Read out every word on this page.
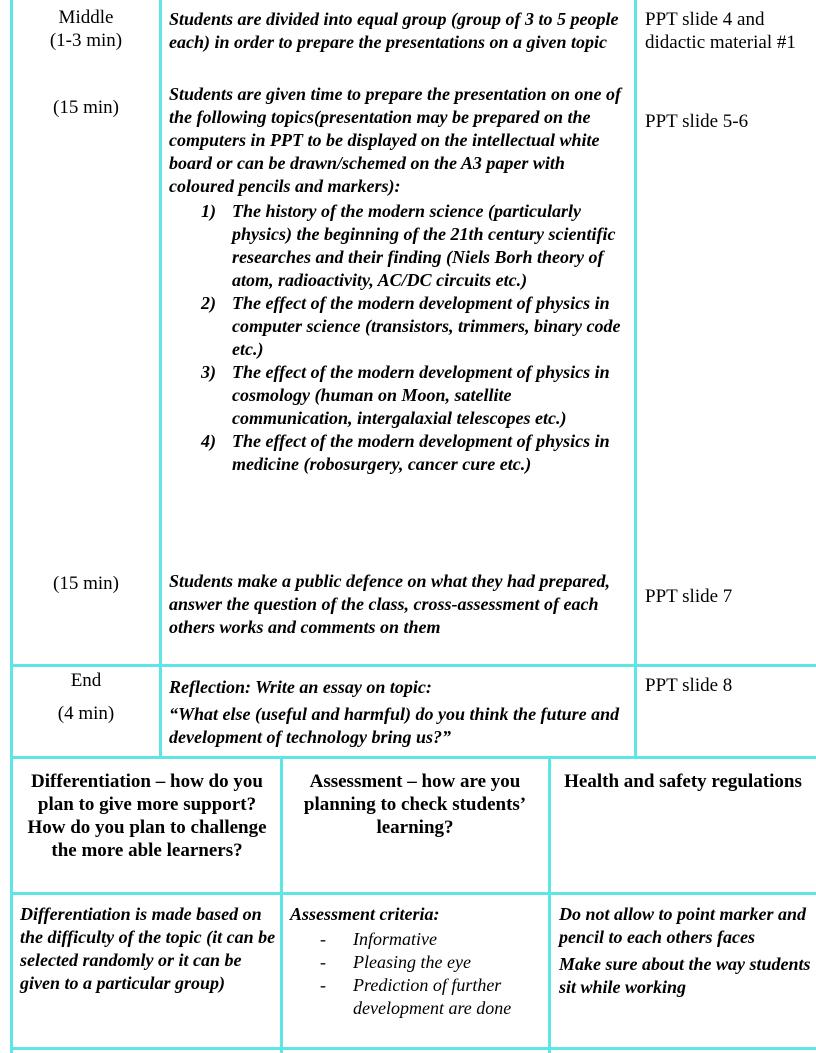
Middle

(1-3 min)

(15 min)
(15 min)
Students are divided into equal group (group of 3 to 5 people each) in order to prepare the presentations on a given topic

Students are given time to prepare the presentation on one of the following topics(presentation may be prepared on the computers in PPT to be displayed on the intellectual white board or can be drawn/schemed on the A3 paper with coloured pencils and markers):

1) The history of the modern science (particularly physics) the beginning of the 21th century scientific researches and their finding (Niels Borh theory of atom, radioactivity, AC/DC circuits etc.)
2) The effect of the modern development of physics in computer science (transistors, trimmers, binary code etc.)
3) The effect of the modern development of physics in cosmology (human on Moon, satellite communication, intergalaxial telescopes etc.)
4) The effect of the modern development of physics in medicine (robosurgery, cancer cure etc.)
Students make a public defence on what they had prepared, answer the question of the class, cross-assessment of each others works and comments on them
PPT slide 4 and didactic material #1
PPT slide 5-6
PPT slide 7

End

(4 min)

Reflection: Write an essay on topic:

“What else (useful and harmful) do you think the future and development of technology bring us?”

PPT slide 8
Differentiation – how do you plan to give more support? How do you plan to challenge the more able learners?
Assessment – how are you planning to check students’ learning?
Health and safety regulations
Differentiation is made based on the difficulty of the topic (it can be selected randomly or it can be given to a particular group)

Assessment criteria:

- Informative
- Pleasing the eye
- Prediction of further development are done

Do not allow to point marker and pencil to each others faces

Make sure about the way students sit while working
